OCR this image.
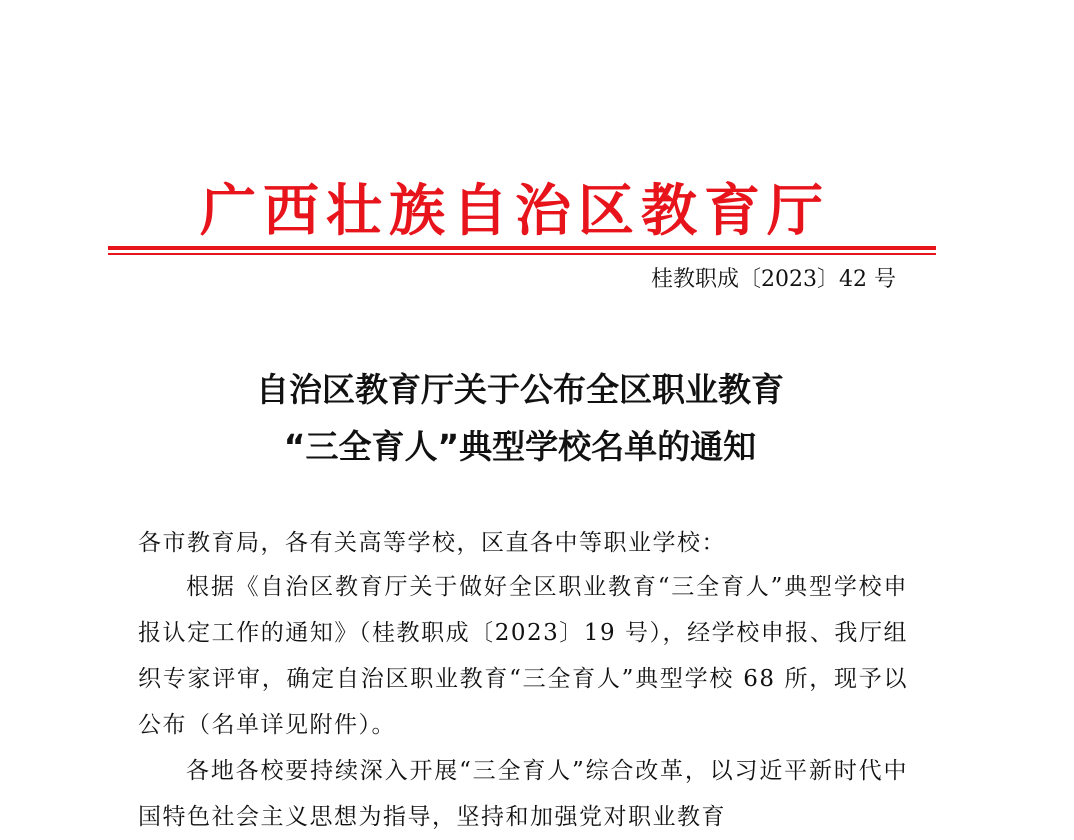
广西壮族自治区教育厅
桂教职成〔2023〕42 号
自治区教育厅关于公布全区职业教育
“三全育人”典型学校名单的通知
各市教育局，各有关高等学校，区直各中等职业学校：

根据《自治区教育厅关于做好全区职业教育“三全育人”典型学校申报认定工作的通知》（桂教职成〔2023〕19 号），经学校申报、我厅组织专家评审，确定自治区职业教育“三全育人”典型学校 68 所，现予以公布（名单详见附件）。

各地各校要持续深入开展“三全育人”综合改革，以习近平新时代中国特色社会主义思想为指导，坚持和加强党对职业教育
